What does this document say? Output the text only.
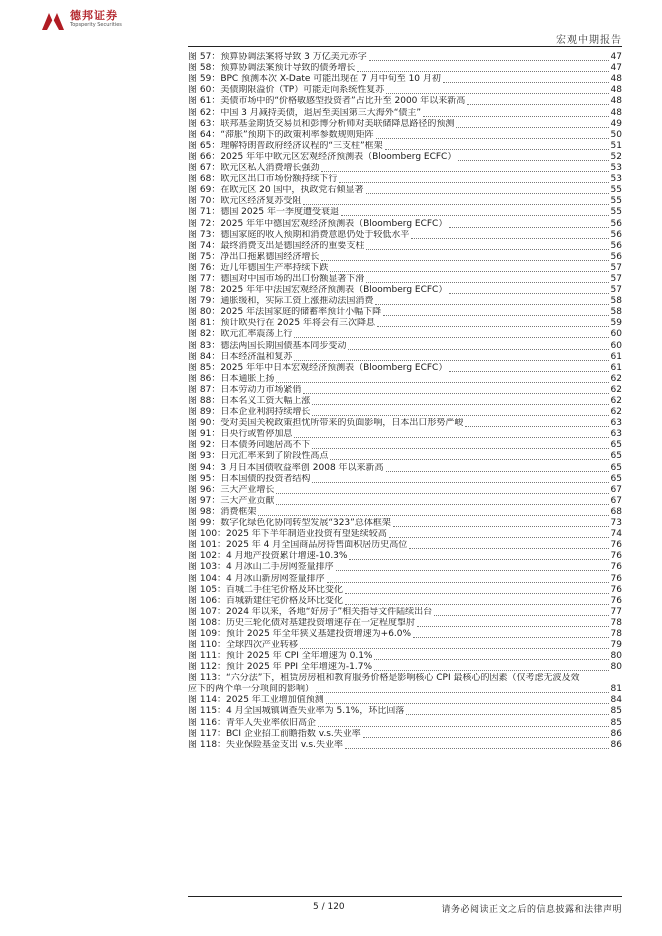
德邦证券
Topsperity Securities
宏观中期报告
图 57：预算协调法案将导致 3 万亿美元赤字	47
图 58：预算协调法案预计导致的债务增长	47
图 59：BPC 预测本次 X-Date 可能出现在 7 月中旬至 10 月初	48
图 60：美债期限溢价（TP）可能走向系统性复苏	48
图 61：美债市场中的“价格敏感型投资者”占比升至 2000 年以来新高	48
图 62：中国 3 月减持美债，退居至美国第三大海外“债主”	48
图 63：联邦基金期货交易员和彭博分析师对美联储降息路径的预测	49
图 64：“滞胀”预期下的政策利率参数规则矩阵	50
图 65：理解特朗普政府经济议程的“三支柱”框架	51
图 66：2025 年年中欧元区宏观经济预测表（Bloomberg ECFC）	52
图 67：欧元区私人消费增长强劲	53
图 68：欧元区出口市场份额持续下行	53
图 69：在欧元区 20 国中，执政党右倾显著	55
图 70：欧元区经济复苏受阻	55
图 71：德国 2025 年一季度遭受衰退	55
图 72：2025 年年中德国宏观经济预测表（Bloomberg ECFC）	56
图 73：德国家庭的收入预期和消费意愿仍处于较低水平	56
图 74：最终消费支出是德国经济的重要支柱	56
图 75：净出口拖累德国经济增长	56
图 76：近几年德国生产率持续下跌	57
图 77：德国对中国市场的出口份额显著下滑	57
图 78：2025 年年中法国宏观经济预测表（Bloomberg ECFC）	57
图 79：通胀缓和，实际工资上涨推动法国消费	58
图 80：2025 年法国家庭的储蓄率预计小幅下降	58
图 81：预计欧央行在 2025 年将会有三次降息	59
图 82：欧元汇率震荡上行	60
图 83：德法两国长期国债基本同步变动	60
图 84：日本经济温和复苏	61
图 85：2025 年年中日本宏观经济预测表（Bloomberg ECFC）	61
图 86：日本通胀上扬	62
图 87：日本劳动力市场紧俏	62
图 88：日本名义工资大幅上涨	62
图 89：日本企业利润持续增长	62
图 90：受对美国关税政策担忧所带来的负面影响，日本出口形势严峻	63
图 91：日央行或暂停加息	63
图 92：日本债务问题居高不下	65
图 93：日元汇率来到了阶段性高点	65
图 94：3 月日本国债收益率创 2008 年以来新高	65
图 95：日本国债的投资者结构	65
图 96：三大产业增长	67
图 97：三大产业贡献	67
图 98：消费框架	68
图 99：数字化绿色化协同转型发展“323”总体框架	73
图 100：2025 年下半年制造业投资有望延续较高	74
图 101：2025 年 4 月全国商品房待售面积居历史高位	76
图 102：4 月地产投资累计增速-10.3%	76
图 103：4 月冰山二手房网签量排序	76
图 104：4 月冰山新房网签量排序	76
图 105：百城二手住宅价格及环比变化	76
图 106：百城新建住宅价格及环比变化	76
图 107：2024 年以来，各地“好房子”相关指导文件陆续出台	77
图 108：历史三轮化债对基建投资增速存在一定程度掣肘	78
图 109：预计 2025 年全年狭义基建投资增速为+6.0%	78
图 110：全球四次产业转移	79
图 111：预计 2025 年 CPI 全年增速为 0.1%	80
图 112：预计 2025 年 PPI 全年增速为-1.7%	80
图 113：“六分法”下，租赁房房租和教育服务价格是影响核心 CPI 最核心的因素（仅考虑无波及效
应下的两个单一分项间的影响）	81
图 114：2025 年工业增加值预测	84
图 115：4 月全国城镇调查失业率为 5.1%，环比回落	85
图 116：青年人失业率依旧高企	85
图 117：BCI 企业招工前瞻指数 v.s.失业率	86
图 118：失业保险基金支出 v.s.失业率	86
5 / 120	请务必阅读正文之后的信息披露和法律声明
